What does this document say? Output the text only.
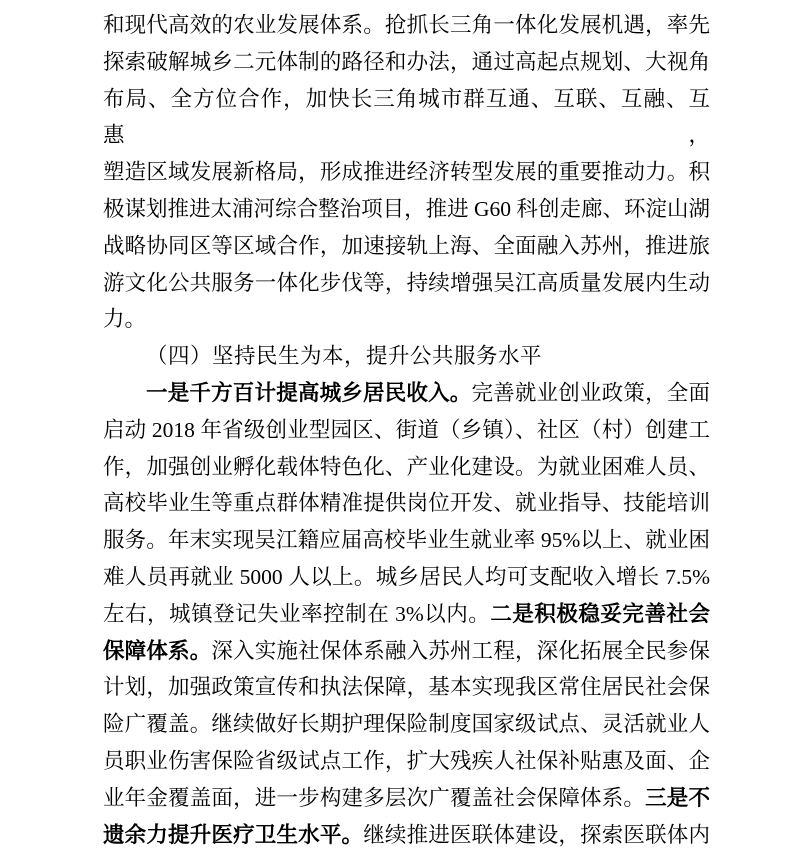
和现代高效的农业发展体系。抢抓长三角一体化发展机遇，率先
探索破解城乡二元体制的路径和办法，通过高起点规划、大视角
布局、全方位合作，加快长三角城市群互通、互联、互融、互惠，
塑造区域发展新格局，形成推进经济转型发展的重要推动力。积
极谋划推进太浦河综合整治项目，推进 G60 科创走廊、环淀山湖
战略协同区等区域合作，加速接轨上海、全面融入苏州，推进旅
游文化公共服务一体化步伐等，持续增强吴江高质量发展内生动
力。
（四）坚持民生为本，提升公共服务水平
一是千方百计提高城乡居民收入。完善就业创业政策，全面
启动 2018 年省级创业型园区、街道（乡镇）、社区（村）创建工
作，加强创业孵化载体特色化、产业化建设。为就业困难人员、
高校毕业生等重点群体精准提供岗位开发、就业指导、技能培训
服务。年末实现吴江籍应届高校毕业生就业率 95%以上、就业困
难人员再就业 5000 人以上。城乡居民人均可支配收入增长 7.5%
左右，城镇登记失业率控制在 3%以内。二是积极稳妥完善社会
保障体系。深入实施社保体系融入苏州工程，深化拓展全民参保
计划，加强政策宣传和执法保障，基本实现我区常住居民社会保
险广覆盖。继续做好长期护理保险制度国家级试点、灵活就业人
员职业伤害保险省级试点工作，扩大残疾人社保补贴惠及面、企
业年金覆盖面，进一步构建多层次广覆盖社会保障体系。三是不
遗余力提升医疗卫生水平。继续推进医联体建设，探索医联体内
